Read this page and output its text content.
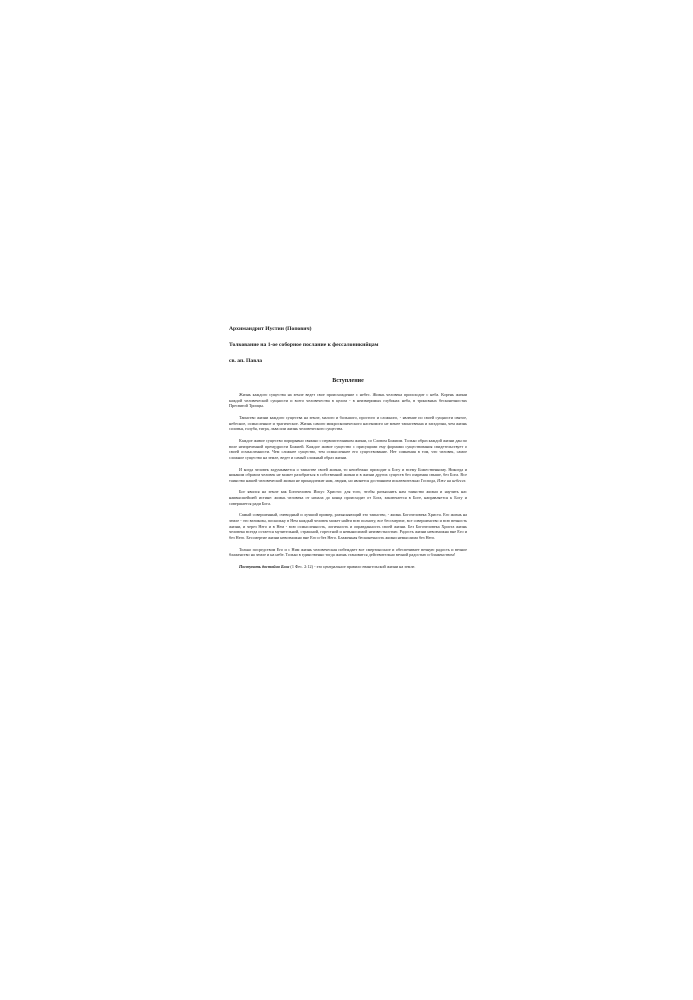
Архимандрит Иустин (Попович)

Толкование на 1-ое соборное послание к фессалоникийцам

св. ап. Павла

Вступление

Жизнь каждого существа на земле ведет свое происхождение с небес. Жизнь человека происходит с неба. Корень жизни каждой человеческой сущности и всего человечества в целом - в неизмеримых глубинах неба, в тринсвных бесконечностях Пресвятой Троицы.

Таинство жизни каждого существа на земле, малого и большого, простого и сложного, - явление по своей сущности святое, небесное, осмысленное и трагическое. Жизнь самого микроскопического насекомого не менее таинственна и загадочна, чем жизнь соловья, голубя, тигра, льва или жизнь человеческого существа.

Каждое живое существо порирывно связано с первоисточником жизни, со Словом Божиим. Только образ каждой жизни дан по воле неизреченной премудрости Божией. Каждое живое существо с присущими ему формами существования свидетельствует о своей осмысленности. Чем сложнее существо, тем осмысленнее его существование. Нет сомнения в том, что человек, самое сложное существо на земле, ведет и самый сложный образ жизни.

И когда человек задумывается о таинстве своей жизни, то неизбежно приходит к Богу и всему Божественному. Никогда и никаким образом человек не может разобраться в собственной жизни и в жизни других существ без озарения свыше, без Бога. Все таинство нашей человеческой жизни не принадлежит нам, людям, но является достоянием исключительно Господа, Иже на небесех.

Бог явился на земле как Богочеловек Иисус Христос для того, чтобы разъяснить нам таинство жизни и научить нас наивысшейшей истине: жизнь человека от начала до конца происходит от Бога, заключается в Боге, направляется к Богу и совершается ради Бога.

Самый совершенный, очевидный и лучший пример, разъясняющий это таинство, - жизнь Богочеловека Христа. Его жизнь на земле - это великозн, поскольку в Нем каждый человек может найти всю полноту, все бессмертие, все совершенство и всю вечность жизни, и через Него и в Нем - всю осмысленность, логичность и оправданность своей жизни. Без Богочеловека Христа жизнь человека всегда остается мучительной, страшной, горестной и невыносимой неизвестностью. Радость жизни невозможна вне Его и без Него. Бессмертие жизни невозможно вне Его и без Него. Блаженная бесконечность жизни немыслима без Него.

Только посредством Его и с Ним жизнь человеческая побеждает все смертоносное и обеспечивает вечную радость и вечное блаженство на земле и на небе. Только в единственно тогда жизнь становится действительно вечной радостью и блаженством!

Поступать достойно Бога (1 Фес. 2:12) - это центральное правило евангельской жизни на земле.
